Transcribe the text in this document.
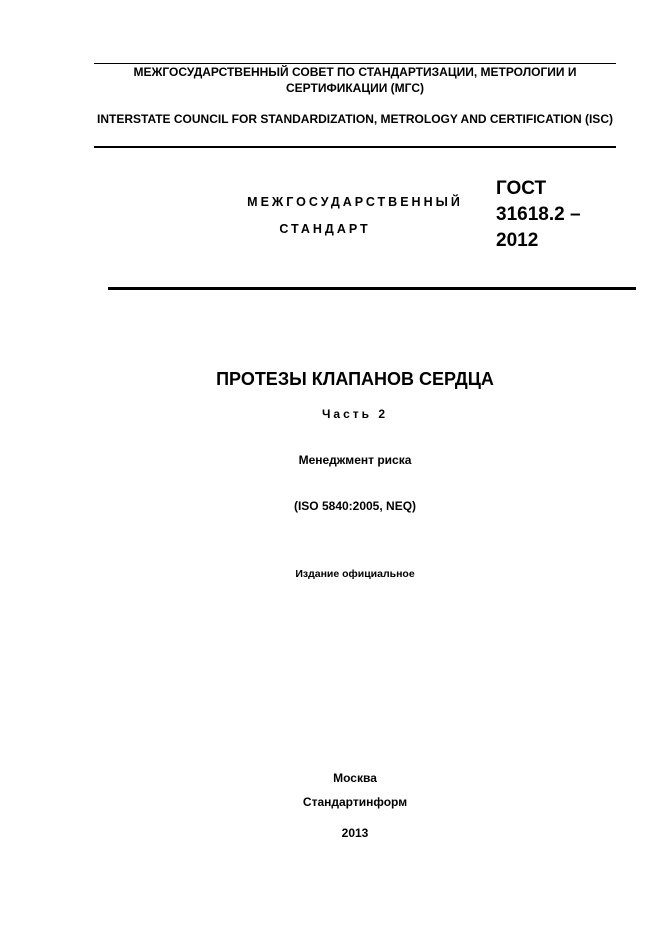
МЕЖГОСУДАРСТВЕННЫЙ СОВЕТ ПО СТАНДАРТИЗАЦИИ, МЕТРОЛОГИИ И СЕРТИФИКАЦИИ (МГС)
INTERSTATE COUNCIL FOR STANDARDIZATION, METROLOGY AND CERTIFICATION (ISC)
МЕЖГОСУДАРСТВЕННЫЙ
СТАНДАРТ
ГОСТ
31618.2 –
2012
ПРОТЕЗЫ КЛАПАНОВ СЕРДЦА
Часть 2
Менеджмент риска
(ISO 5840:2005, NEQ)
Издание официальное
Москва
Стандартинформ
2013
